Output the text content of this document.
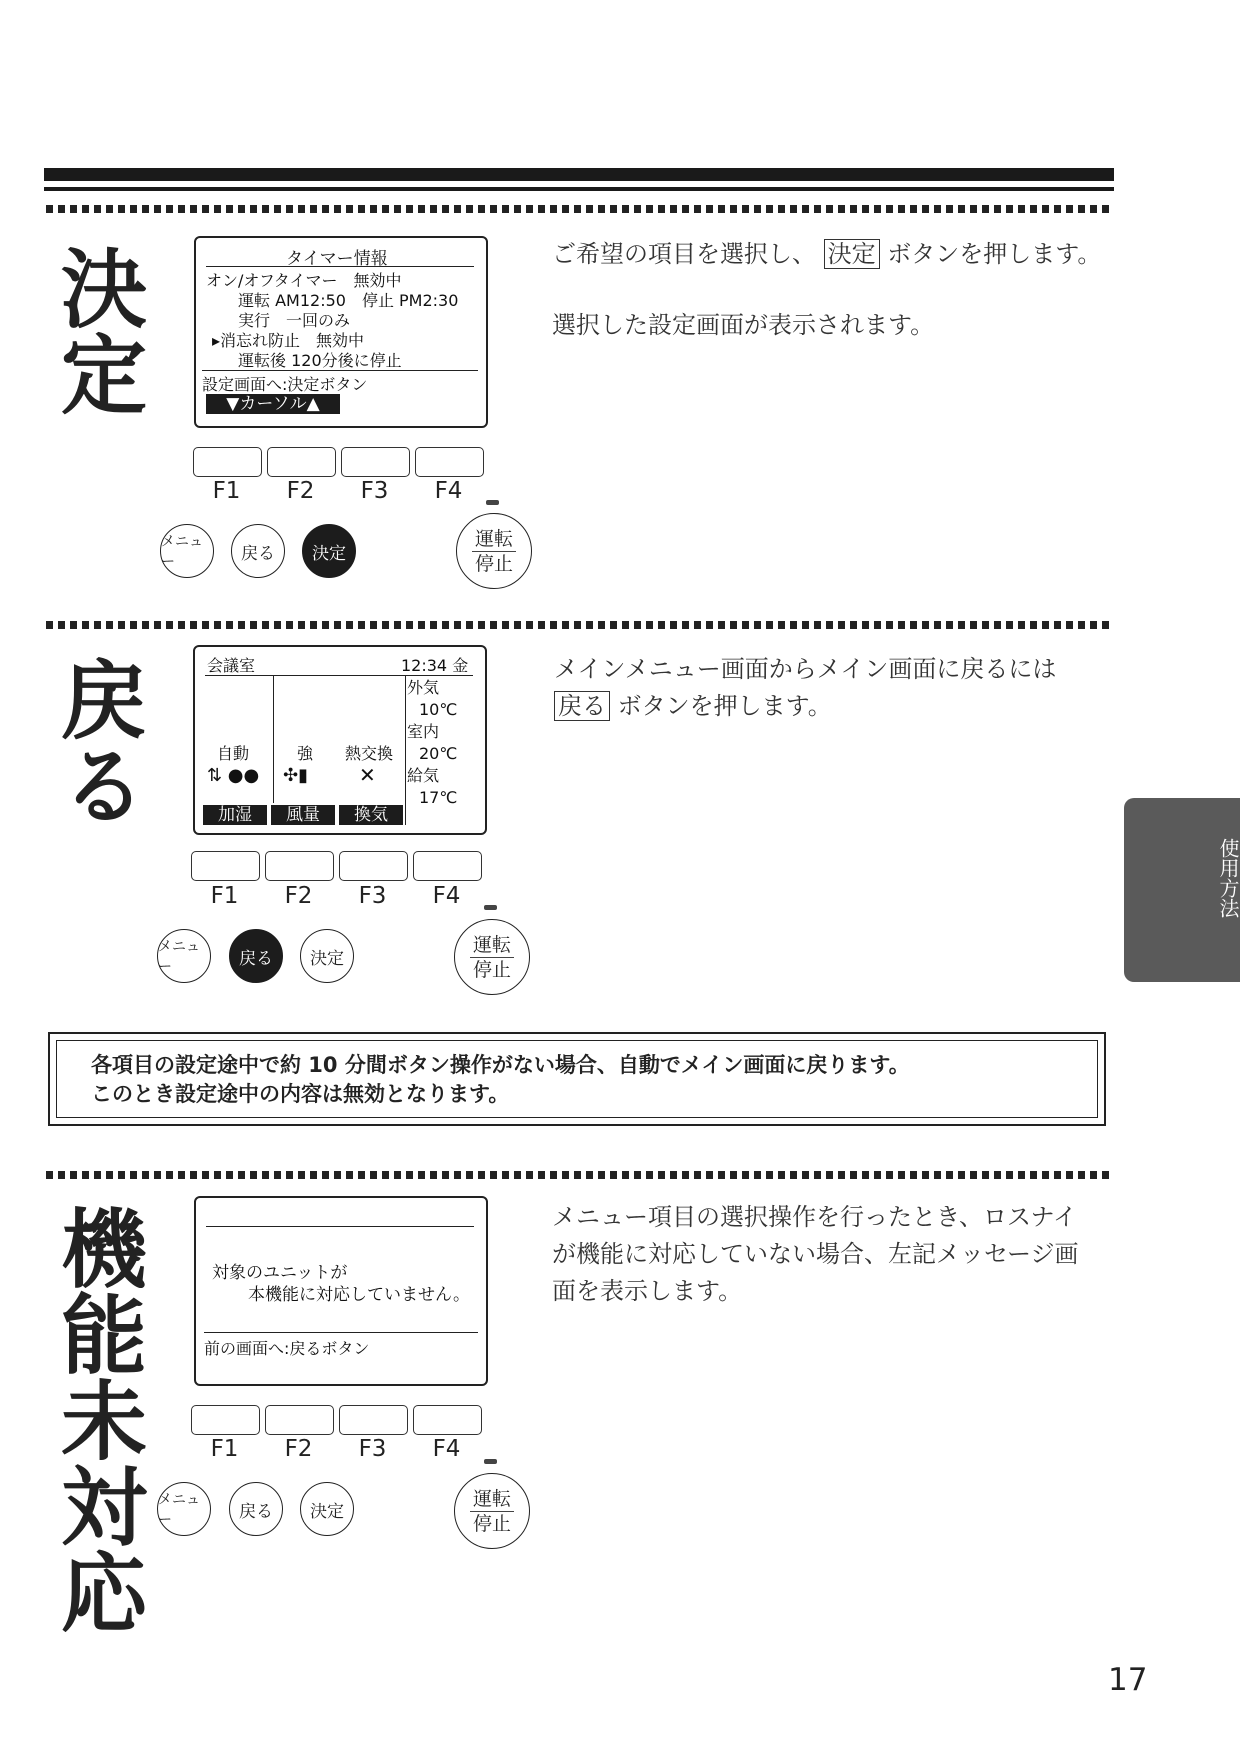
決定	タイマー情報
オン/オフタイマー　無効中
運転 AM12:50　停止 PM2:30
実行　一回のみ
▸消忘れ防止　無効中
運転後 120分後に停止
設定画面へ:決定ボタン
▼カーソル▲
F1	F2	F3	F4
メニュー	戻る	決定
運転
停止
ご希望の項目を選択し、 決定 ボタンを押します。
選択した設定画面が表示されます。
戻る	会議室	12:34 金
外気
10℃
室内
20℃
給気
17℃
自動	強 熱交換
⇅ ●● ✣▮	✕
加湿	風量	換気
F1	F2	F3	F4
メニュー	戻る	決定
運転
停止
メインメニュー画面からメイン画面に戻るには
戻る ボタンを押します。
各項目の設定途中で約 10 分間ボタン操作がない場合、自動でメイン画面に戻ります。
このとき設定途中の内容は無効となります。
機能未対応	対象のユニットが
本機能に対応していません。
前の画面へ:戻るボタン
F1	F2	F3	F4
メニュー	戻る	決定
運転
停止
メニュー項目の選択操作を行ったとき、ロスナイ
が機能に対応していない場合、左記メッセージ画
面を表示します。
使用方法
17
